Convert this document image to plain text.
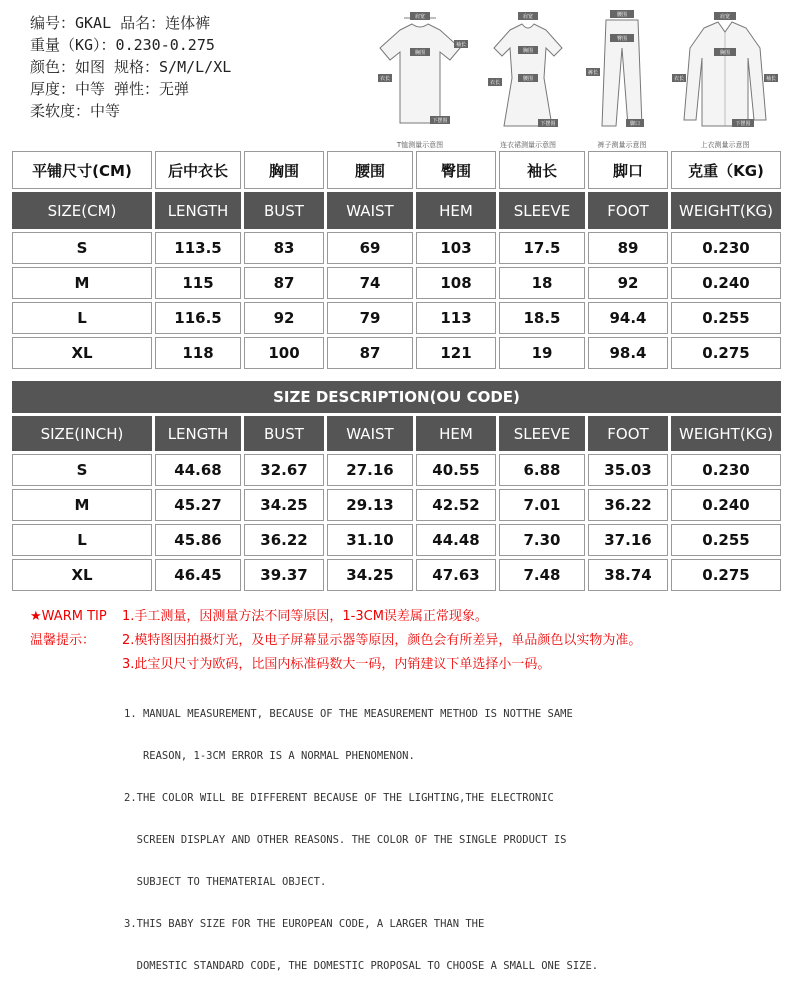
编号：GKAL 品名：连体裤
重量（KG）：0.230-0.275
颜色：如图 规格：S/M/L/XL
厚度：中等 弹性：无弹
柔软度：中等
肩宽
胸围
衣长
下摆围
袖长
T恤测量示意图
肩宽
胸围
腰围
衣长
下摆围
连衣裙测量示意图
腰围
臀围
裤长
脚口
裤子测量示意图
肩宽
胸围
衣长	袖长
下摆围
上衣测量示意图
平铺尺寸(CM)	后中衣长	胸围	腰围	臀围	袖长	脚口	克重（KG)
SIZE(CM)	LENGTH	BUST	WAIST	HEM	SLEEVE	FOOT	WEIGHT(KG)
S	113.5	83	69	103	17.5	89	0.230
M	115	87	74	108	18	92	0.240
L	116.5	92	79	113	18.5	94.4	0.255
XL	118	100	87	121	19	98.4	0.275
SIZE DESCRIPTION(OU CODE)							
SIZE(INCH)	LENGTH	BUST	WAIST	HEM	SLEEVE	FOOT	WEIGHT(KG)
S	44.68	32.67	27.16	40.55	6.88	35.03	0.230
M	45.27	34.25	29.13	42.52	7.01	36.22	0.240
L	45.86	36.22	31.10	44.48	7.30	37.16	0.255
XL	46.45	39.37	34.25	47.63	7.48	38.74	0.275
★WARM TIP 1.手工测量，因测量方法不同等原因，1-3CM误差属正常现象。
温馨提示： 2.模特图因拍摄灯光，及电子屏幕显示器等原因，颜色会有所差异，单品颜色以实物为准。
3.此宝贝尺寸为欧码，比国内标准码数大一码，内销建议下单选择小一码。

1. MANUAL MEASUREMENT, BECAUSE OF THE MEASUREMENT METHOD IS NOTTHE SAME

REASON, 1-3CM ERROR IS A NORMAL PHENOMENON.

2.THE COLOR WILL BE DIFFERENT BECAUSE OF THE LIGHTING,THE ELECTRONIC

SCREEN DISPLAY AND OTHER REASONS. THE COLOR OF THE SINGLE PRODUCT IS

SUBJECT TO THEMATERIAL OBJECT.

3.THIS BABY SIZE FOR THE EUROPEAN CODE, A LARGER THAN THE

DOMESTIC STANDARD CODE, THE DOMESTIC PROPOSAL TO CHOOSE A SMALL ONE SIZE.
